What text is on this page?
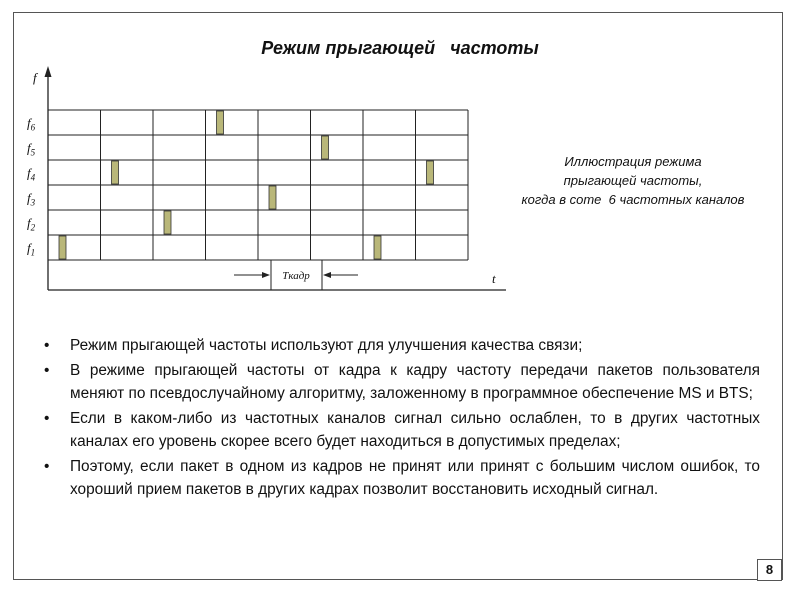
Режим прыгающей   частоты
f
t
$f_6$
$f_5$
$f_4$
$f_3$
$f_2$
$f_1$
Tкадр
Иллюстрация режима
прыгающей частоты,
когда в соте  6 частотных каналов
• Режим прыгающей частоты используют для улучшения качества связи;
• В режиме прыгающей частоты от кадра к кадру частоту передачи пакетов пользователя меняют по псевдослучайному алгоритму, заложенному в программное обеспечение MS и BTS;
• Если в каком-либо из частотных каналов сигнал сильно ослаблен, то в других частотных каналах его уровень скорее всего будет находиться в допустимых пределах;
• Поэтому, если пакет в одном из кадров не принят или принят с большим числом ошибок, то хороший прием пакетов в других кадрах позволит восстановить исходный сигнал.
8
